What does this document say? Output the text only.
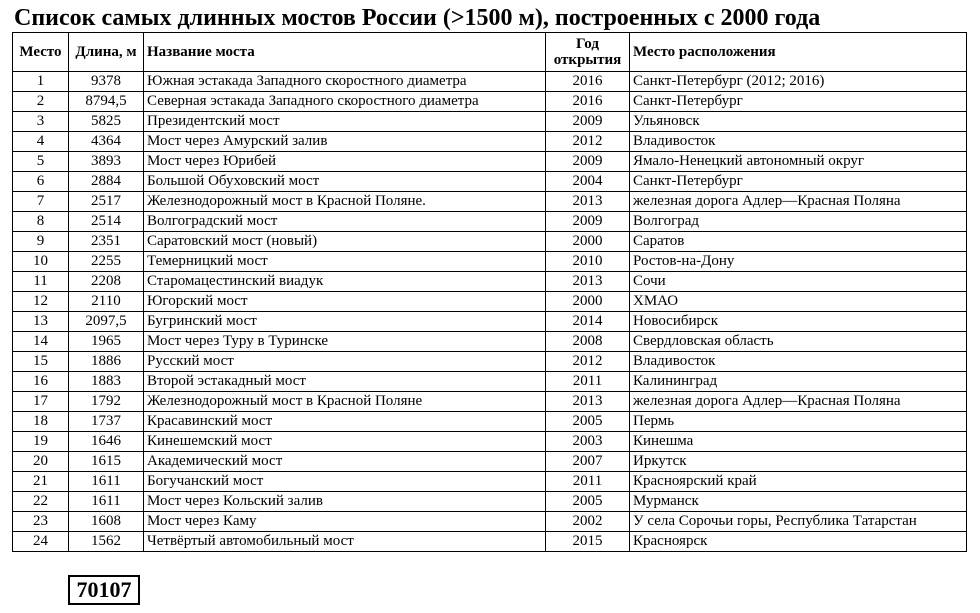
Список самых длинных мостов России (>1500 м), построенных с 2000 года
Место	Длина, м	Название моста	Год открытия	Место расположения
1	9378	Южная эстакада Западного скоростного диаметра	2016	Санкт-Петербург (2012; 2016)
2	8794,5	Северная эстакада Западного скоростного диаметра	2016	Санкт-Петербург
3	5825	Президентский мост	2009	Ульяновск
4	4364	Мост через Амурский залив	2012	Владивосток
5	3893	Мост через Юрибей	2009	Ямало-Ненецкий автономный округ
6	2884	Большой Обуховский мост	2004	Санкт-Петербург
7	2517	Железнодорожный мост в Красной Поляне.	2013	железная дорога Адлер—Красная Поляна
8	2514	Волгоградский мост	2009	Волгоград
9	2351	Саратовский мост (новый)	2000	Саратов
10	2255	Темерницкий мост	2010	Ростов-на-Дону
11	2208	Старомацестинский виадук	2013	Сочи
12	2110	Югорский мост	2000	ХМАО
13	2097,5	Бугринский мост	2014	Новосибирск
14	1965	Мост через Туру в Туринске	2008	Свердловская область
15	1886	Русский мост	2012	Владивосток
16	1883	Второй эстакадный мост	2011	Калининград
17	1792	Железнодорожный мост в Красной Поляне	2013	железная дорога Адлер—Красная Поляна
18	1737	Красавинский мост	2005	Пермь
19	1646	Кинешемский мост	2003	Кинешма
20	1615	Академический мост	2007	Иркутск
21	1611	Богучанский мост	2011	Красноярский край
22	1611	Мост через Кольский залив	2005	Мурманск
23	1608	Мост через Каму	2002	У села Сорочьи горы, Республика Татарстан
24	1562	Четвёртый автомобильный мост	2015	Красноярск
70107
